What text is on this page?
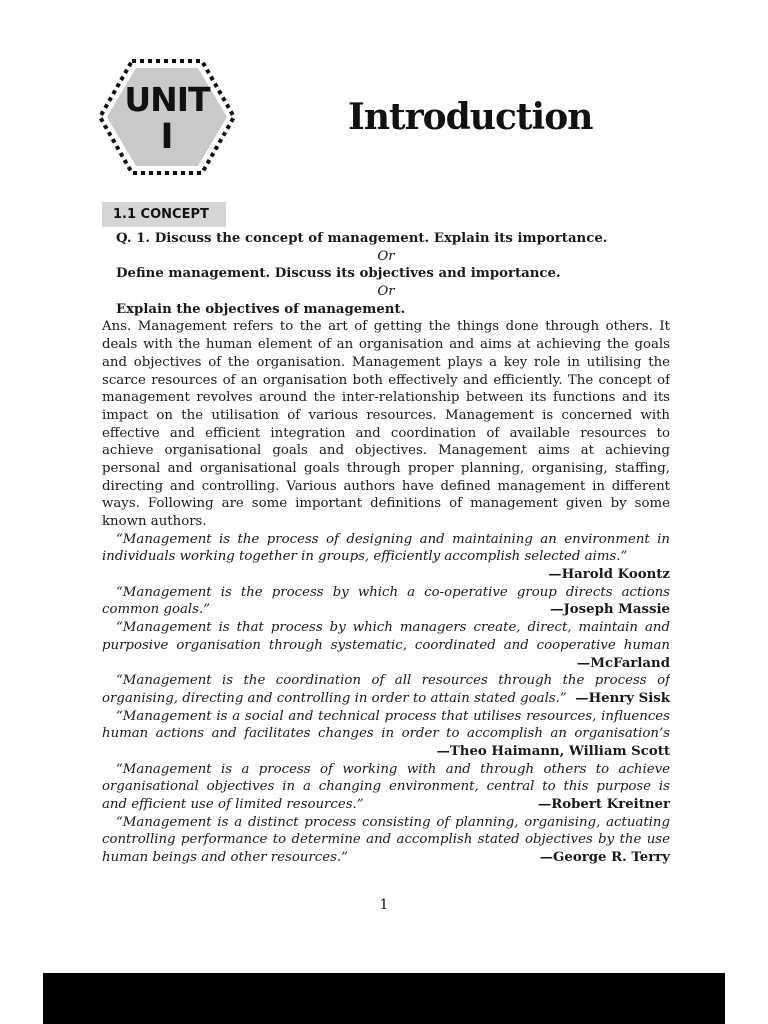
UNIT
I	Introduction
1.1 CONCEPT
Q. 1. Discuss the concept of management. Explain its importance.
Or
Define management. Discuss its objectives and importance.
Or
Explain the objectives of management.
Ans. Management refers to the art of getting the things done through others. It
deals with the human element of an organisation and aims at achieving the goals
and objectives of the organisation. Management plays a key role in utilising the
scarce resources of an organisation both effectively and efficiently. The concept of
management revolves around the inter-relationship between its functions and its
impact on the utilisation of various resources. Management is concerned with
effective and efficient integration and coordination of available resources to
achieve organisational goals and objectives. Management aims at achieving
personal and organisational goals through proper planning, organising, staffing,
directing and controlling. Various authors have defined management in different
ways. Following are some important definitions of management given by some
known authors.
“Management is the process of designing and maintaining an environment in
individuals working together in groups, efficiently accomplish selected aims.”
—Harold Koontz
“Management is the process by which a co-operative group directs actions
common goals.”	—Joseph Massie
“Management is that process by which managers create, direct, maintain and
purposive organisation through systematic, coordinated and cooperative human
—McFarland
“Management is the coordination of all resources through the process of
organising, directing and controlling in order to attain stated goals.” —Henry Sisk
“Management is a social and technical process that utilises resources, influences
human actions and facilitates changes in order to accomplish an organisation’s
—Theo Haimann, William Scott
“Management is a process of working with and through others to achieve
organisational objectives in a changing environment, central to this purpose is
and efficient use of limited resources.”	—Robert Kreitner
“Management is a distinct process consisting of planning, organising, actuating
controlling performance to determine and accomplish stated objectives by the use
human beings and other resources.”	—George R. Terry
1
